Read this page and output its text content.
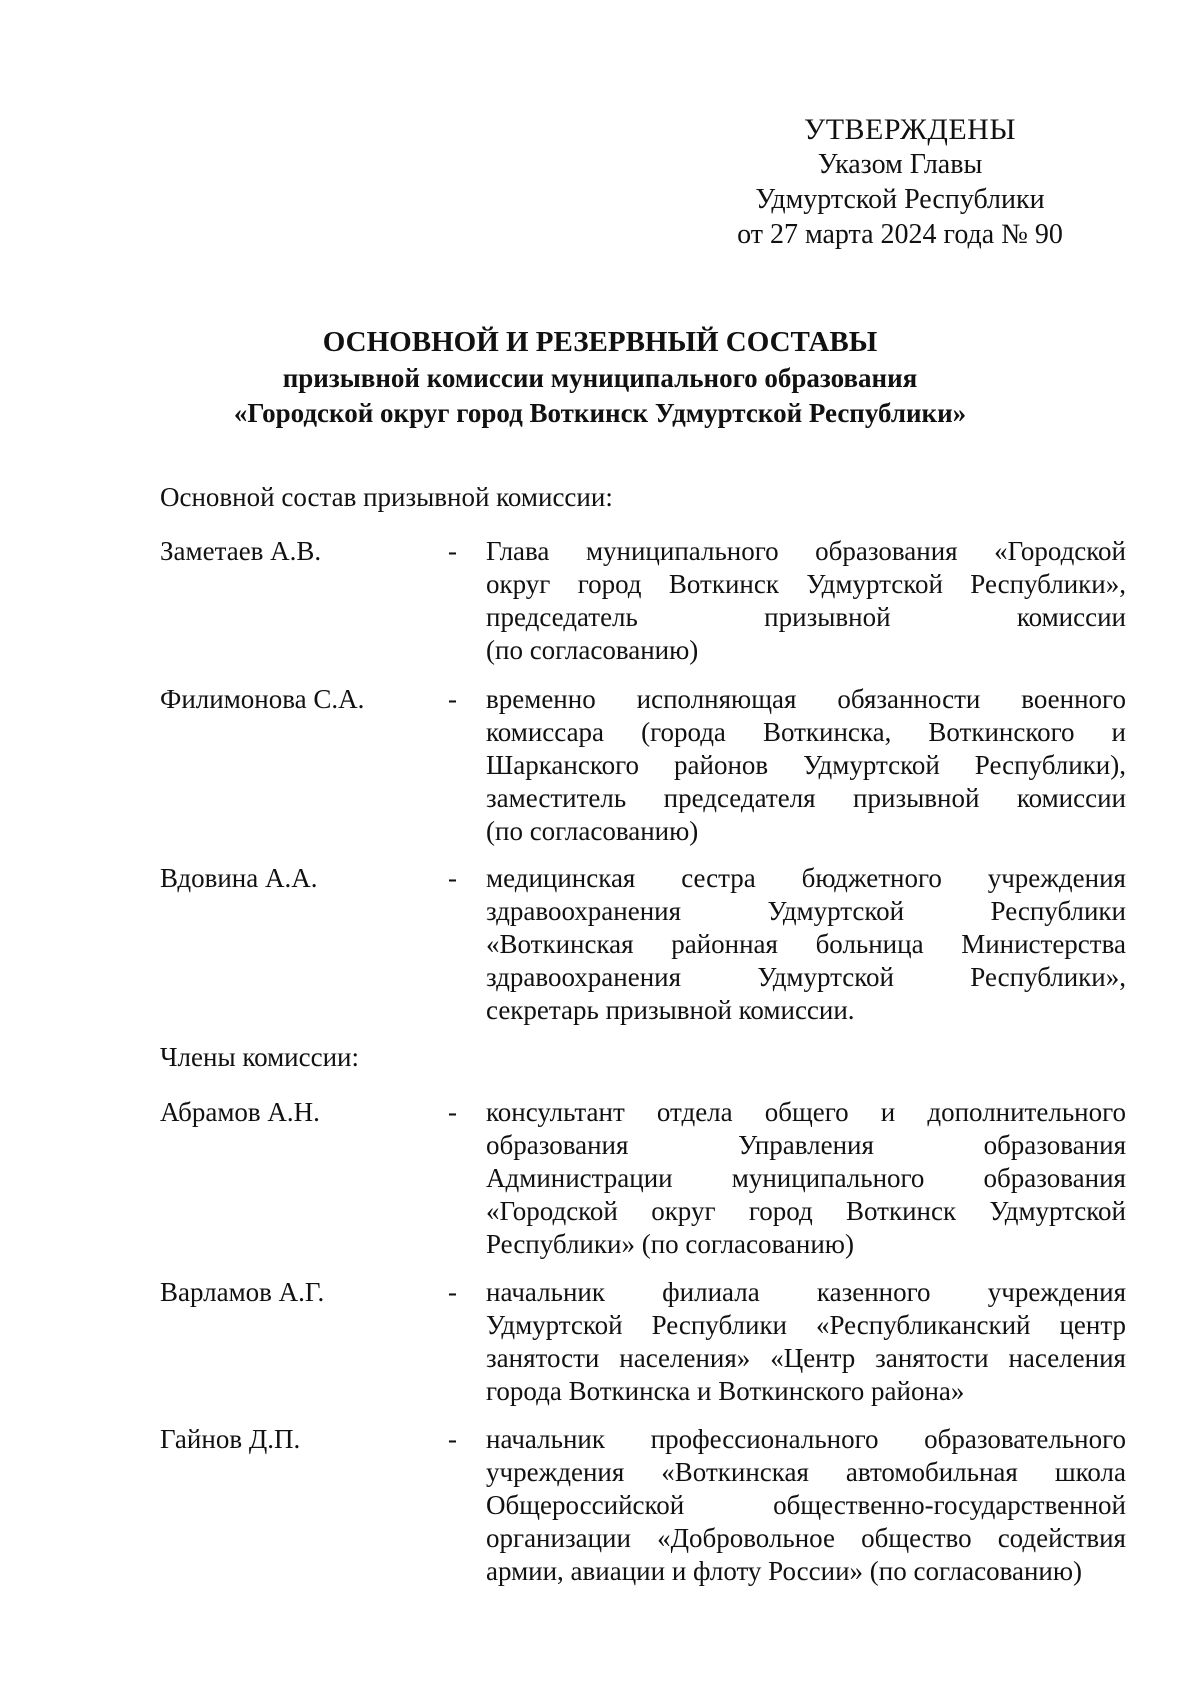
УТВЕРЖДЕНЫ
Указом Главы
Удмуртской Республики
от 27 марта 2024 года № 90
ОСНОВНОЙ И РЕЗЕРВНЫЙ СОСТАВЫ
призывной комиссии муниципального образования
«Городской округ город Воткинск Удмуртской Республики»
Основной состав призывной комиссии:
Заметаев А.В.	- Глава муниципального образования «Городской
округ город Воткинск Удмуртской Республики»,
председатель	призывной	комиссии
(по согласованию)
Филимонова С.А.	- временно исполняющая обязанности военного
комиссара (города Воткинска, Воткинского и
Шарканского районов Удмуртской Республики),
заместитель председателя призывной комиссии
(по согласованию)
Вдовина А.А.	- медицинская сестра бюджетного учреждения
здравоохранения	Удмуртской	Республики
«Воткинская районная больница Министерства
здравоохранения	Удмуртской	Республики»,
секретарь призывной комиссии.
Члены комиссии:
Абрамов А.Н.	- консультант отдела общего и дополнительного
образования	Управления	образования
Администрации муниципального образования
«Городской округ город Воткинск Удмуртской
Республики» (по согласованию)
Варламов А.Г.	- начальник филиала казенного учреждения
Удмуртской Республики «Республиканский центр
занятости населения» «Центр занятости населения
города Воткинска и Воткинского района»
Гайнов Д.П.	- начальник профессионального образовательного
учреждения «Воткинская автомобильная школа
Общероссийской	общественно-государственной
организации «Добровольное общество содействия
армии, авиации и флоту России» (по согласованию)
